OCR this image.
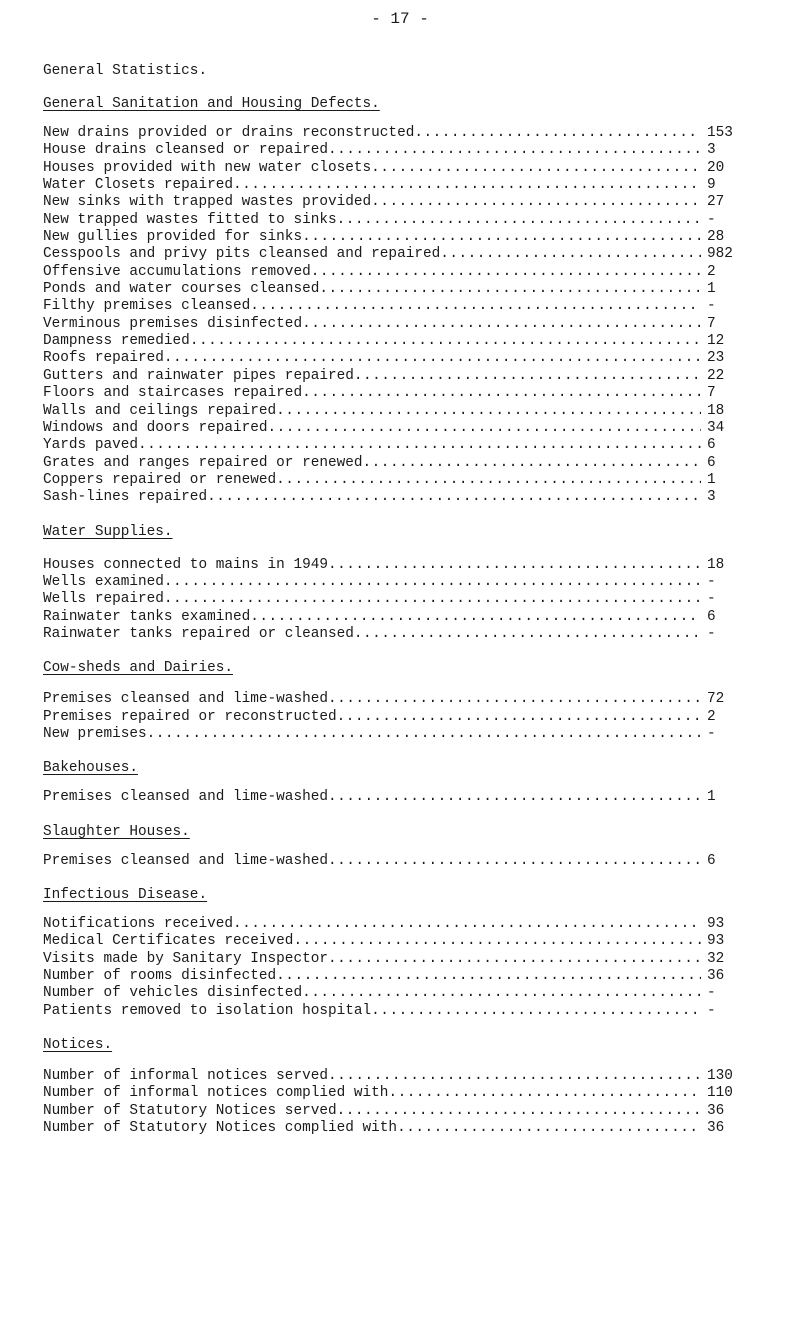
- 17 -
General Statistics.
General Sanitation and Housing Defects.
New drains provided or drains reconstructed .....	153
House drains cleansed or repaired .....	3
Houses provided with new water closets .....	20
Water Closets repaired .....	9
New sinks with trapped wastes provided .....	27
New trapped wastes fitted to sinks .....	-
New gullies provided for sinks .....	28
Cesspools and privy pits cleansed and repaired .....	982
Offensive accumulations removed .....	2
Ponds and water courses cleansed .....	1
Filthy premises cleansed .....	-
Verminous premises disinfected .....	7
Dampness remedied .....	12
Roofs repaired .....	23
Gutters and rainwater pipes repaired .....	22
Floors and staircases repaired .....	7
Walls and ceilings repaired .....	18
Windows and doors repaired .....	34
Yards paved .....	6
Grates and ranges repaired or renewed .....	6
Coppers repaired or renewed .....	1
Sash-lines repaired .....	3
Water Supplies.
Houses connected to mains in 1949 .....	18
Wells examined .....	-
Wells repaired .....	-
Rainwater tanks examined .....	6
Rainwater tanks repaired or cleansed .....	-
Cow-sheds and Dairies.
Premises cleansed and lime-washed .....	72
Premises repaired or reconstructed .....	2
New premises .....	-
Bakehouses.
Premises cleansed and lime-washed .....	1
Slaughter Houses.
Premises cleansed and lime-washed .....	6
Infectious Disease.
Notifications received .....	93
Medical Certificates received .....	93
Visits made by Sanitary Inspector .....	32
Number of rooms disinfected .....	36
Number of vehicles disinfected .....	-
Patients removed to isolation hospital .....	-
Notices.
Number of informal notices served .....	130
Number of informal notices complied with .....	110
Number of Statutory Notices served .....	36
Number of Statutory Notices complied with .....	36
